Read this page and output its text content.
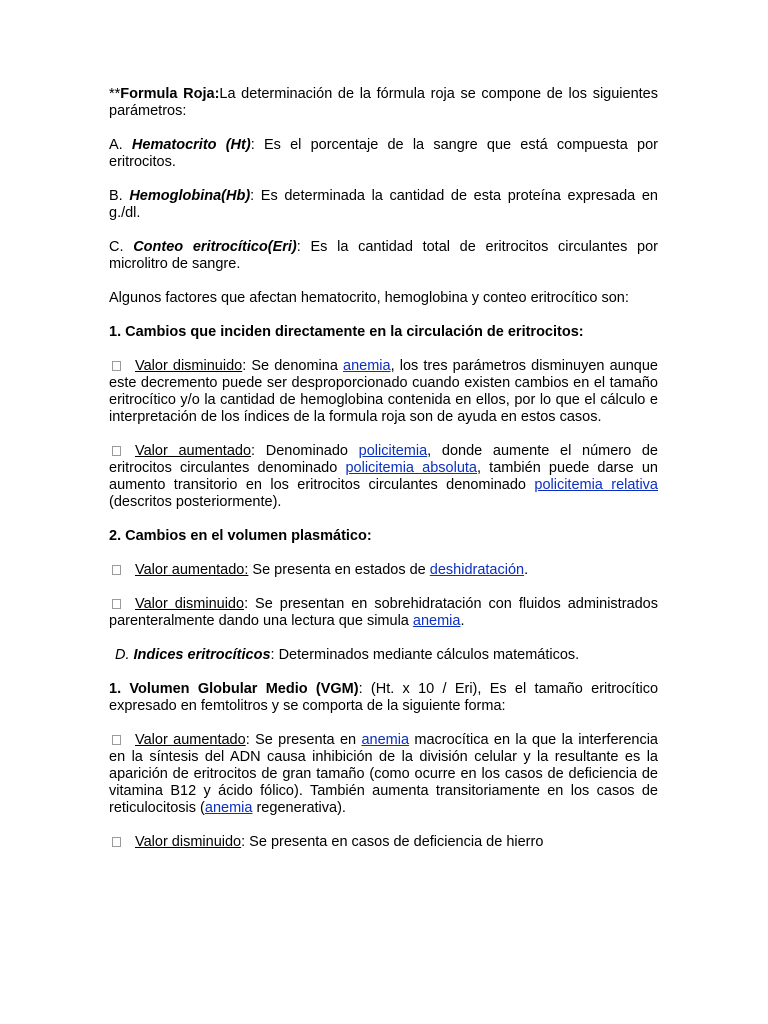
**Formula Roja:La determinación de la fórmula roja se compone de los siguientes parámetros:

A. Hematocrito (Ht): Es el porcentaje de la sangre que está compuesta por eritrocitos.

B. Hemoglobina(Hb): Es determinada la cantidad de esta proteína expresada en g./dl.

C. Conteo eritrocítico(Eri): Es la cantidad total de eritrocitos circulantes por microlitro de sangre.

Algunos factores que afectan hematocrito, hemoglobina y conteo eritrocítico son:

1. Cambios que inciden directamente en la circulación de eritrocitos:

Valor disminuido: Se denomina anemia, los tres parámetros disminuyen aunque este decremento puede ser desproporcionado cuando existen cambios en el tamaño eritrocítico y/o la cantidad de hemoglobina contenida en ellos, por lo que el cálculo e interpretación de los índices de la formula roja son de ayuda en estos casos.

Valor aumentado: Denominado policitemia, donde aumente el número de eritrocitos circulantes denominado policitemia absoluta, también puede darse un aumento transitorio en los eritrocitos circulantes denominado policitemia relativa (descritos posteriormente).

2. Cambios en el volumen plasmático:

Valor aumentado: Se presenta en estados de deshidratación.

Valor disminuido: Se presentan en sobrehidratación con fluidos administrados parenteralmente dando una lectura que simula anemia.

D. Indices eritrocíticos: Determinados mediante cálculos matemáticos.

1. Volumen Globular Medio (VGM): (Ht. x 10 / Eri), Es el tamaño eritrocítico expresado en femtolitros y se comporta de la siguiente forma:

Valor aumentado: Se presenta en anemia macrocítica en la que la interferencia en la síntesis del ADN causa inhibición de la división celular y la resultante es la aparición de eritrocitos de gran tamaño (como ocurre en los casos de deficiencia de vitamina B12 y ácido fólico). También aumenta transitoriamente en los casos de reticulocitosis (anemia regenerativa).

Valor disminuido: Se presenta en casos de deficiencia de hierro
